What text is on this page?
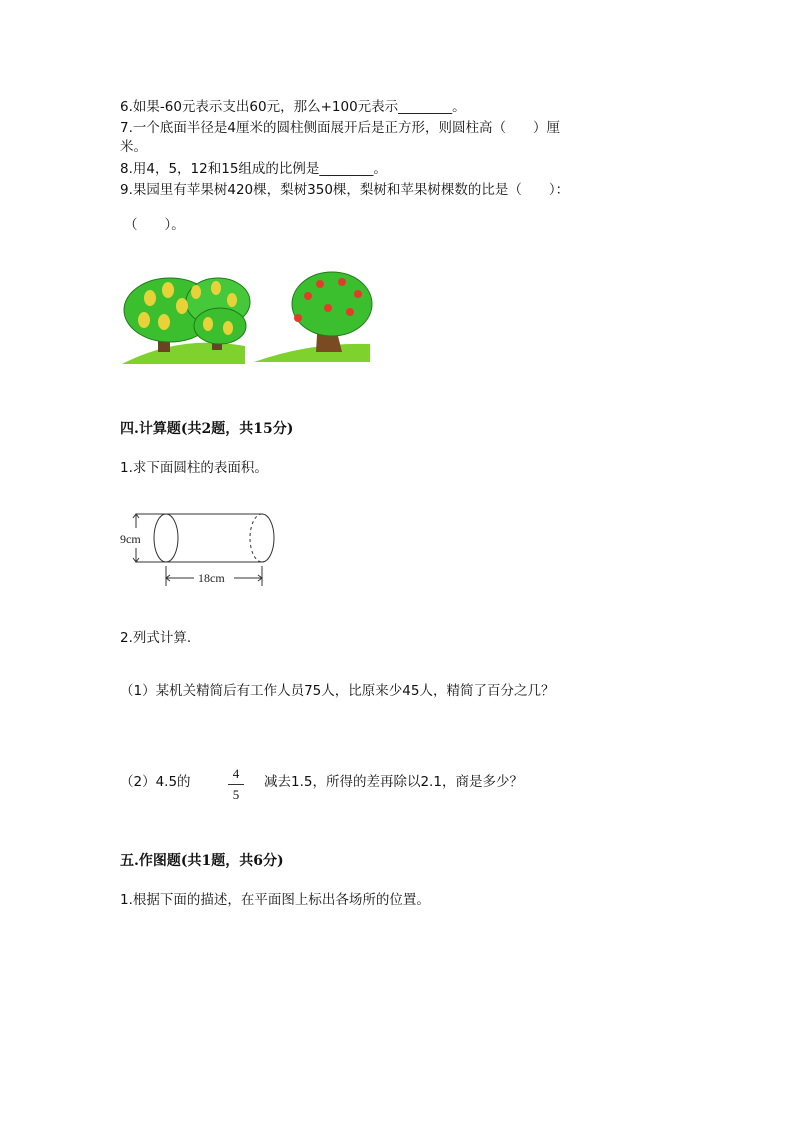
6.如果-60元表示支出60元，那么+100元表示________。
7.一个底面半径是4厘米的圆柱侧面展开后是正方形，则圆柱高（　　）厘
米。
8.用4，5，12和15组成的比例是________。
9.果园里有苹果树420棵，梨树350棵，梨树和苹果树棵数的比是（　　）：
（　　）。
四.计算题(共2题，共15分)
1.求下面圆柱的表面积。
9cm
18cm
2.列式计算.
（1）某机关精简后有工作人员75人，比原来少45人，精简了百分之几？
（2）4.5的
4
5
减去1.5，所得的差再除以2.1，商是多少？
五.作图题(共1题，共6分)
1.根据下面的描述，在平面图上标出各场所的位置。
